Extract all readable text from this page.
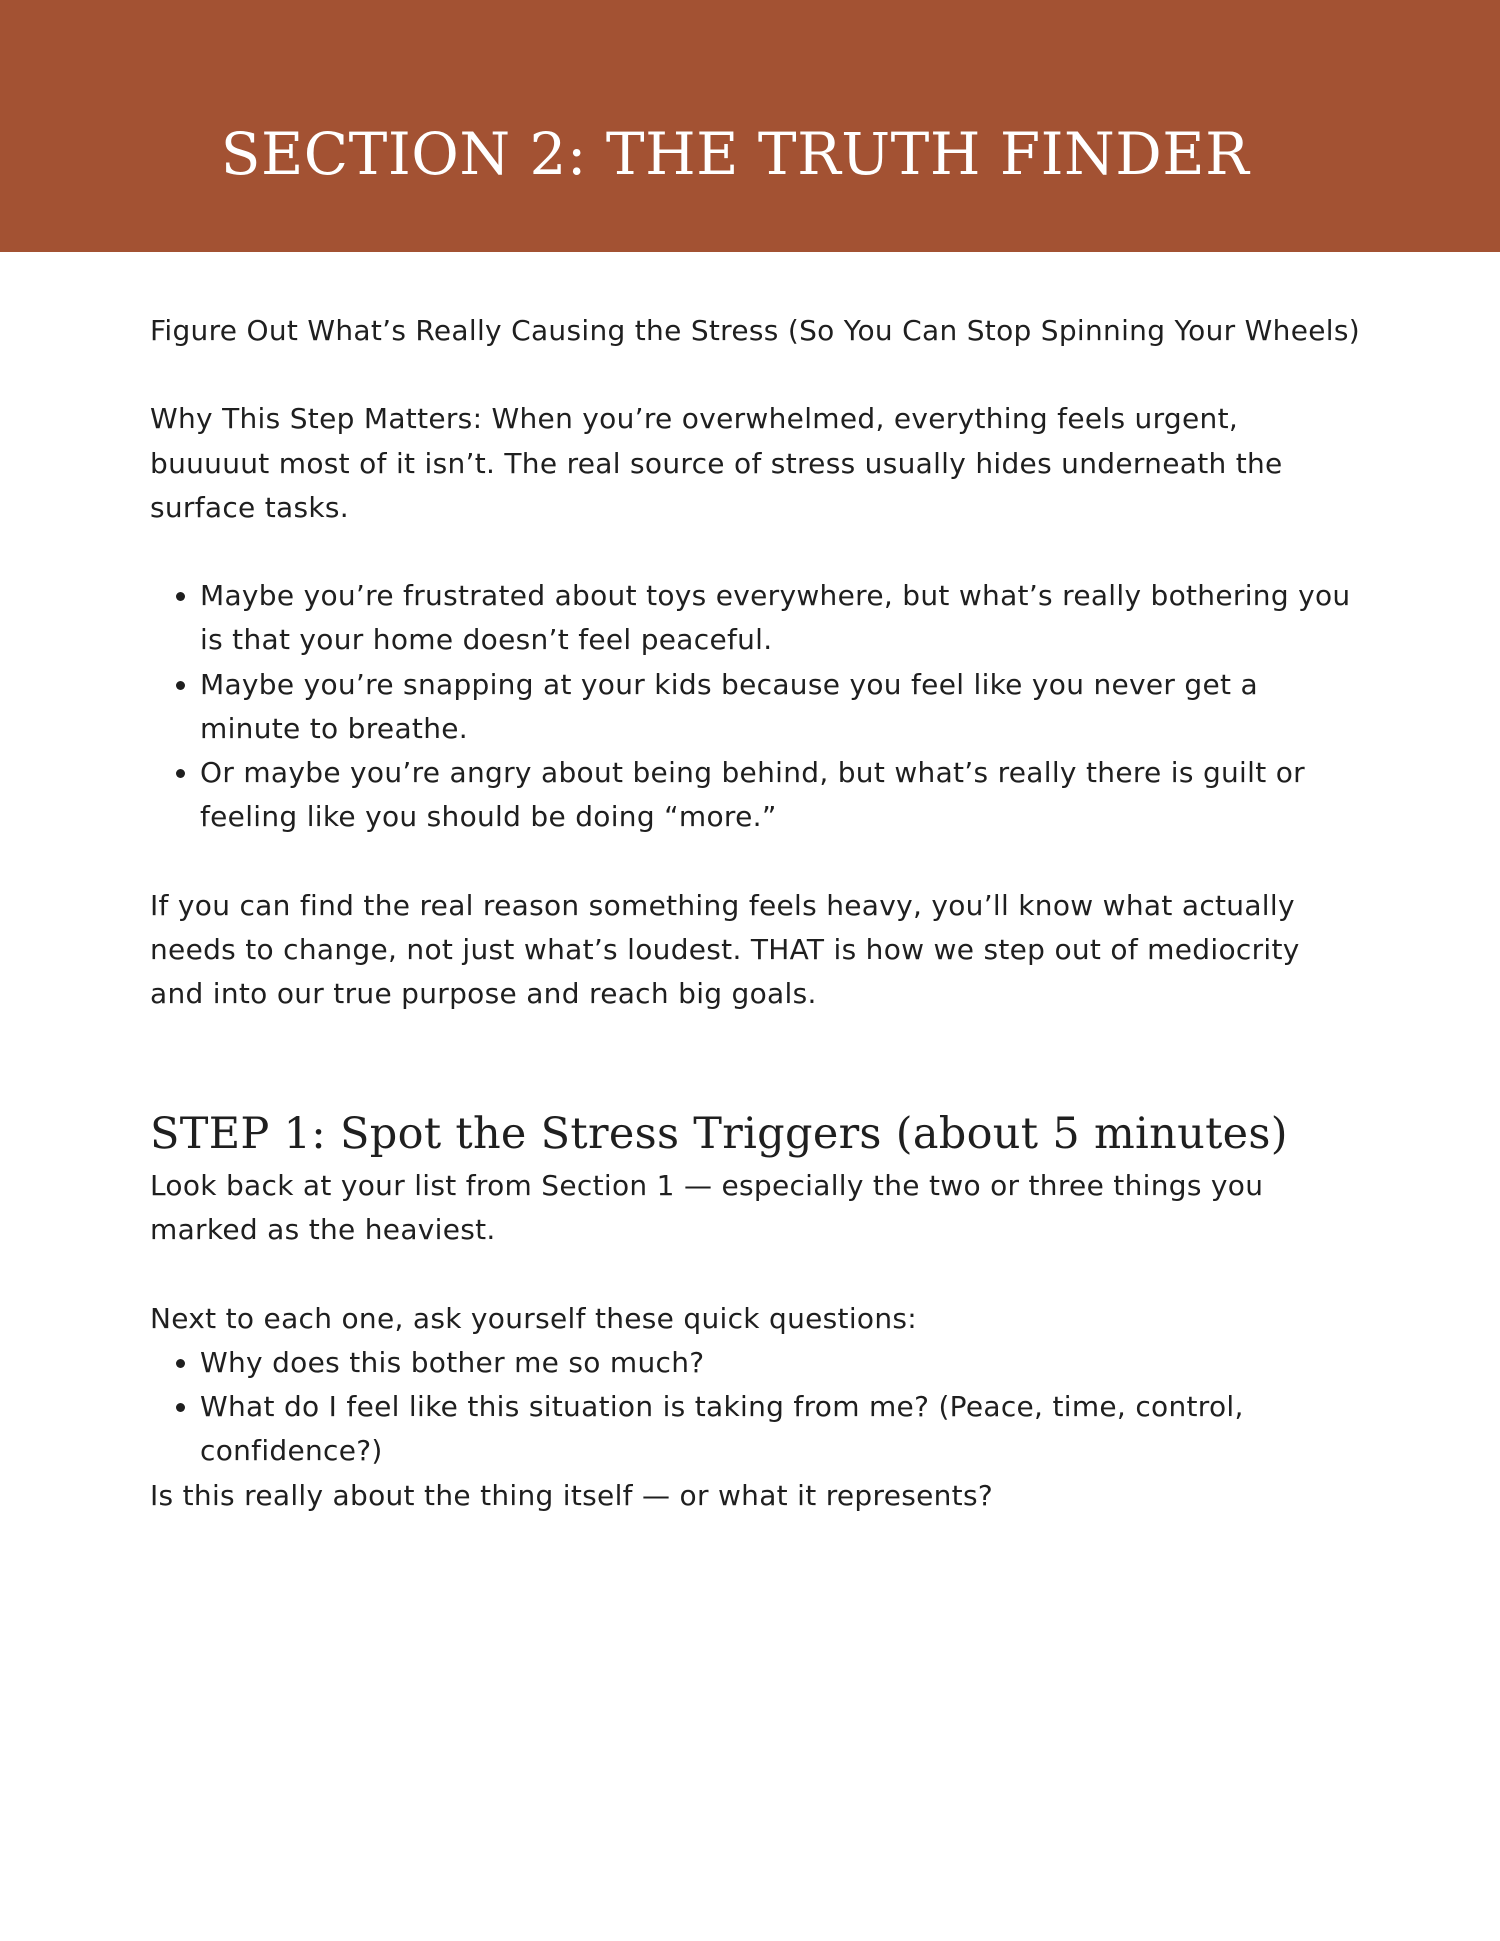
SECTION 2: THE TRUTH FINDER

Figure Out What’s Really Causing the Stress (So You Can Stop Spinning Your Wheels)

Why This Step Matters: When you’re overwhelmed, everything feels urgent, buuuuut most of it isn’t. The real source of stress usually hides underneath the surface tasks.

• Maybe you’re frustrated about toys everywhere, but what’s really bothering you is that your home doesn’t feel peaceful.
• Maybe you’re snapping at your kids because you feel like you never get a minute to breathe.
• Or maybe you’re angry about being behind, but what’s really there is guilt or feeling like you should be doing “more.”

If you can find the real reason something feels heavy, you’ll know what actually needs to change, not just what’s loudest. THAT is how we step out of mediocrity and into our true purpose and reach big goals.

STEP 1: Spot the Stress Triggers (about 5 minutes)

Look back at your list from Section 1 — especially the two or three things you marked as the heaviest.

Next to each one, ask yourself these quick questions:

• Why does this bother me so much?
• What do I feel like this situation is taking from me? (Peace, time, control, confidence?)

Is this really about the thing itself — or what it represents?
